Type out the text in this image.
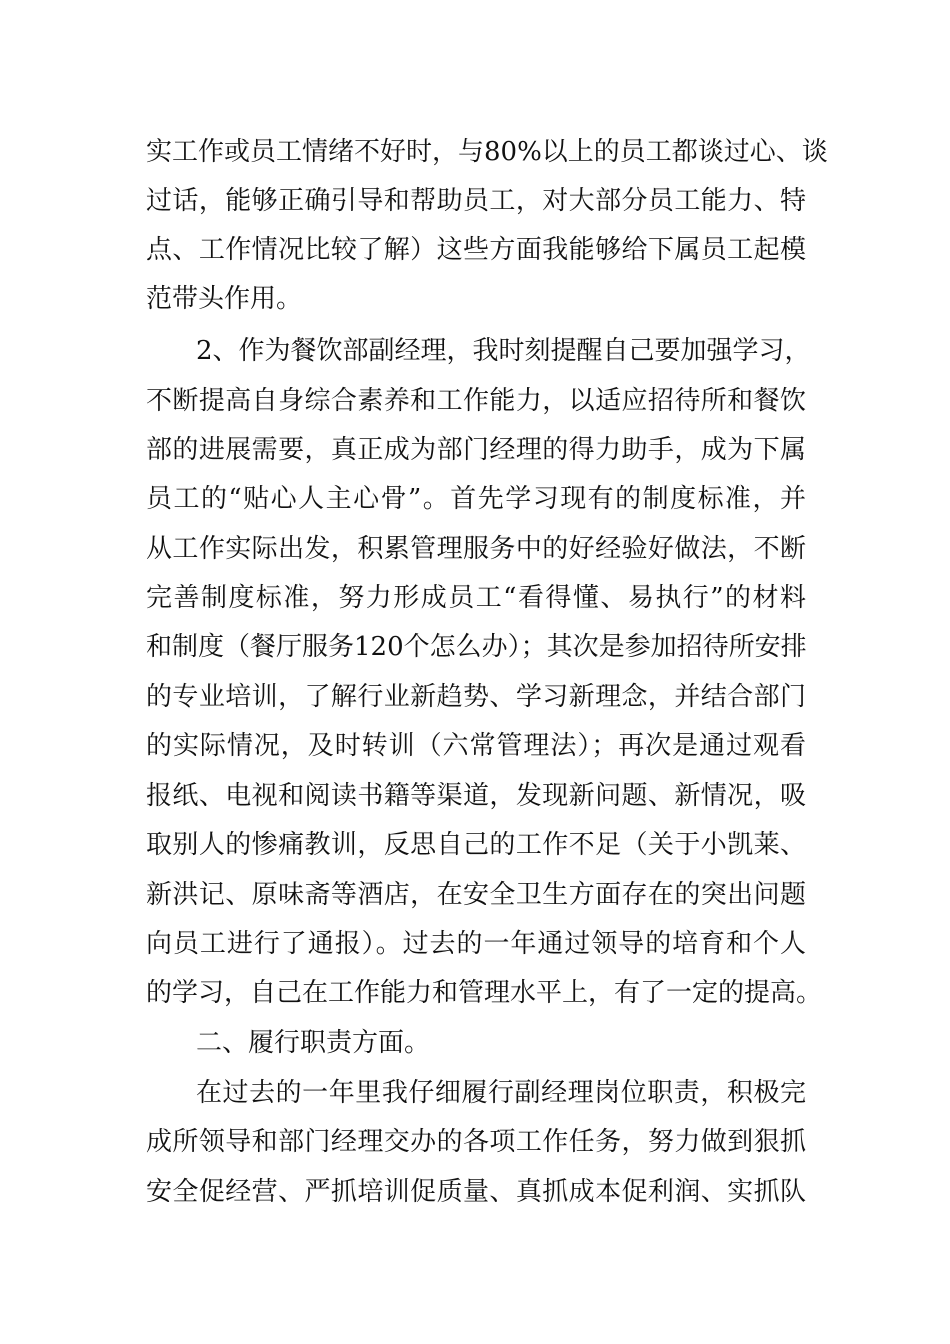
实工作或员工情绪不好时，与80%以上的员工都谈过心、谈
过话，能够正确引导和帮助员工，对大部分员工能力、特
点、工作情况比较了解）这些方面我能够给下属员工起模
范带头作用。
2、作为餐饮部副经理，我时刻提醒自己要加强学习，
不断提高自身综合素养和工作能力，以适应招待所和餐饮
部的进展需要，真正成为部门经理的得力助手，成为下属
员工的“贴心人主心骨”。首先学习现有的制度标准，并
从工作实际出发，积累管理服务中的好经验好做法，不断
完善制度标准，努力形成员工“看得懂、易执行”的材料
和制度（餐厅服务120个怎么办）；其次是参加招待所安排
的专业培训，了解行业新趋势、学习新理念，并结合部门
的实际情况，及时转训（六常管理法）；再次是通过观看
报纸、电视和阅读书籍等渠道，发现新问题、新情况，吸
取别人的惨痛教训，反思自己的工作不足（关于小凯莱、
新洪记、原味斋等酒店，在安全卫生方面存在的突出问题
向员工进行了通报）。过去的一年通过领导的培育和个人
的学习，自己在工作能力和管理水平上，有了一定的提高。
二、履行职责方面。
在过去的一年里我仔细履行副经理岗位职责，积极完
成所领导和部门经理交办的各项工作任务，努力做到狠抓
安全促经营、严抓培训促质量、真抓成本促利润、实抓队
